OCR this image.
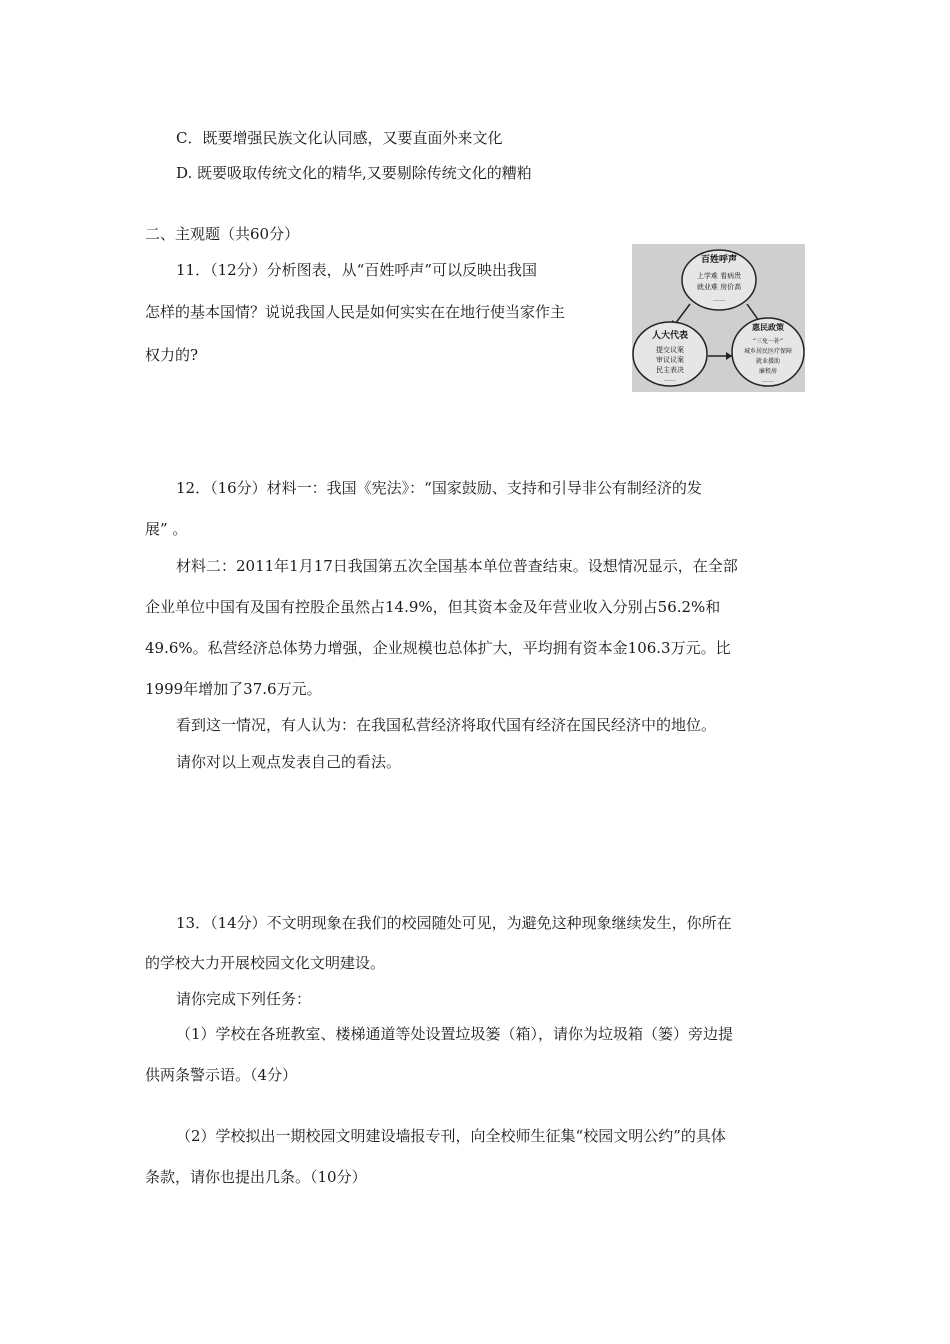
C．既要增强民族文化认同感，又要直面外来文化
D. 既要吸取传统文化的精华,又要剔除传统文化的糟粕
二、主观题（共60分）
11．（12分）分析图表，从“百姓呼声”可以反映出我国
怎样的基本国情？说说我国人民是如何实实在在地行使当家作主
权力的?
百姓呼声
上学难 看病贵
就业难 房价高
……
人大代表
提交议案
审议议案
民主表决
……
惠民政策
“三免一补”
城乡居民医疗保障
就业援助
廉租房
……
12．（16分）材料一：我国《宪法》：“国家鼓励、支持和引导非公有制经济的发
展” 。
材料二：2011年1月17日我国第五次全国基本单位普查结束。设想情况显示，在全部
企业单位中国有及国有控股企虽然占14.9%，但其资本金及年营业收入分别占56.2%和
49.6%。私营经济总体势力增强，企业规模也总体扩大，平均拥有资本金106.3万元。比
1999年增加了37.6万元。
看到这一情况，有人认为：在我国私营经济将取代国有经济在国民经济中的地位。
请你对以上观点发表自己的看法。
13．（14分）不文明现象在我们的校园随处可见，为避免这种现象继续发生，你所在
的学校大力开展校园文化文明建设。
请你完成下列任务：
（1）学校在各班教室、楼梯通道等处设置垃圾篓（箱），请你为垃圾箱（篓）旁边提
供两条警示语。（4分）
（2）学校拟出一期校园文明建设墙报专刊，向全校师生征集“校园文明公约”的具体
条款，请你也提出几条。（10分）
